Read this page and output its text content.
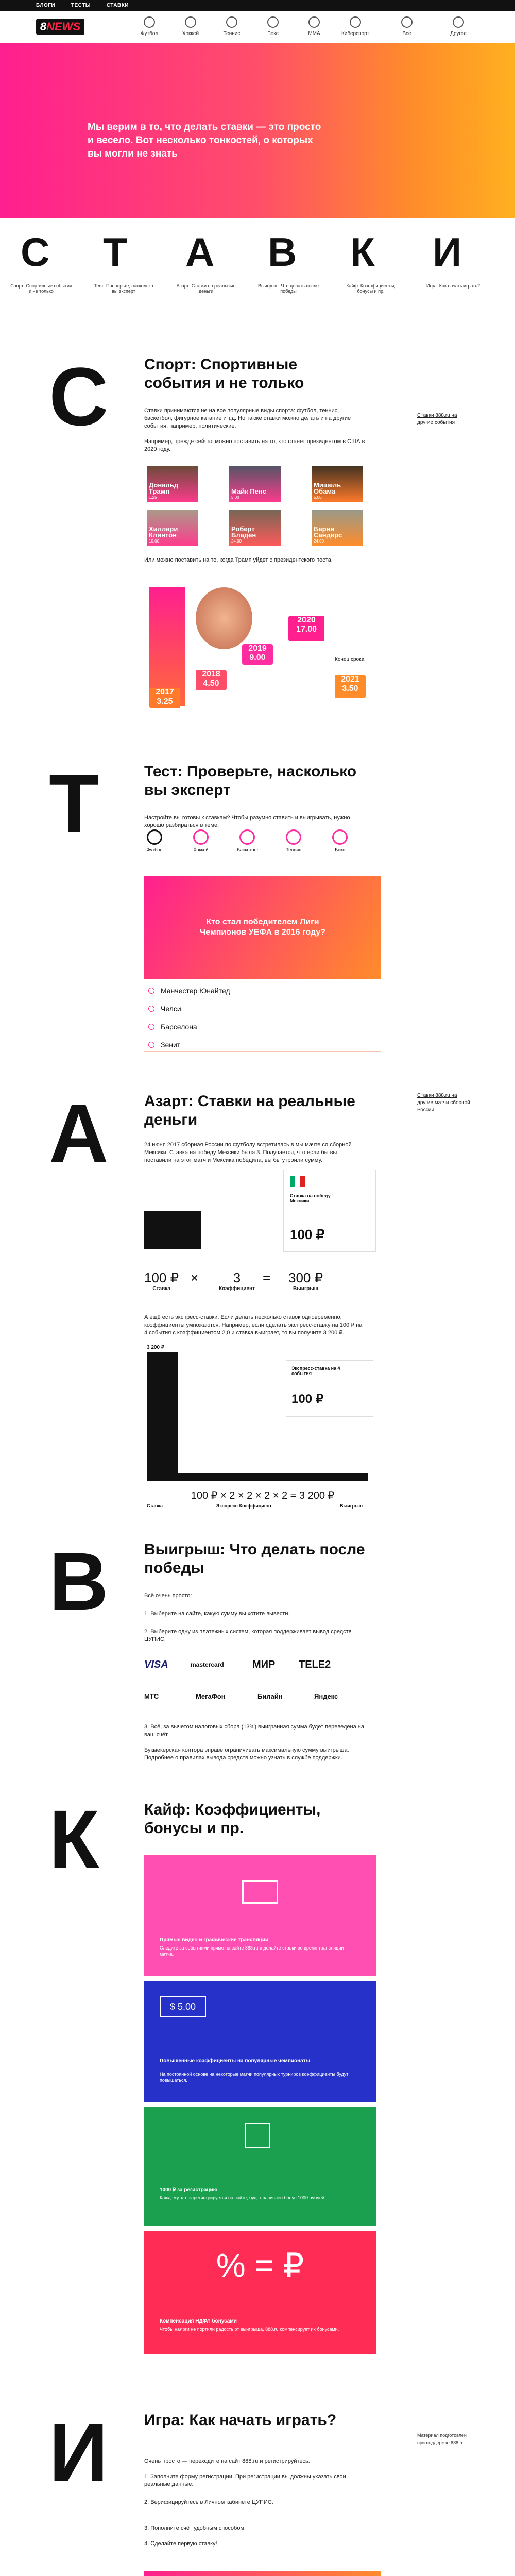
БЛОГИ	ТЕСТЫ	СТАВКИ
8NEWS
Футбол	Хоккей	Теннис	Бокс	MMA	Киберспорт	Все	Другое

Мы верим в то, что делать ставки — это просто и весело. Вот несколько тонкостей, о которых вы могли не знать

С Т А В К И
Спорт: Спортивные события и не только
Тест: Проверьте, насколько вы эксперт
Азарт: Ставки на реальные деньги
Выигрыш: Что делать после победы
Кайф: Коэффициенты, бонусы и пр.
Игра: Как начать играть?
С Спорт: Спортивные события и не только
Ставки принимаются не на все популярные виды спорта: футбол, теннис, баскетбол, фигурное катание и т.д. Но также ставки можно делать и на другие события, например, политические.
Например, прежде сейчас можно поставить на то, кто станет президентом в США в 2020 году.
Ставки 888.ru на другие события
Дональд Трамп
1,25
Майк Пенс
5,00
Мишель Обама
5,00
Хиллари Клинтон
10,00
Роберт Бладен
24,00
Берни Сандерс
24,00
Или можно поставить на то, когда Трамп уйдет с президентского поста.
2017
3.25
2018
4.50
2019
9.00
2020
17.00
2021
3.50
Конец срока
Т	Тест: Проверьте, насколько вы эксперт
Настройте вы готовы к ставкам? Чтобы разумно ставить и выигрывать, нужно хорошо разбираться в теме.
Футбол	Хоккей	Баскетбол	Теннис	Бокс
Кто стал победителем Лиги Чемпионов УЕФА в 2016 году?
Манчестер Юнайтед
Челси
Барселона
Зенит
А Азарт: Ставки на реальные деньги
24 июня 2017 сборная России по футболу встретилась в мы мачте со сборной Мексики. Ставка на победу Мексики была 3. Получается, что если бы вы поставили на этот матч и Мексика победила, вы бы утроили сумму.
Ставки 888.ru на другие матчи сборной России
Ставка на победу Мексики
100 ₽
100 ₽
Ставка
×	3
Коэффициент
= 300 ₽
Выигрыш
А ещё есть экспресс-ставки. Если делать несколько ставок одновременно, коэффициенты умножаются. Например, если сделать экспресс-ставку на 100 ₽ на 4 события с коэффициентом 2,0 и ставка выиграет, то вы получите 3 200 ₽.
3 200 ₽
Экспресс-ставка на 4 события
100 ₽
100 ₽ × 2 × 2 × 2 × 2 = 3 200 ₽
Ставка	Экспресс-Коэффициент	Выигрыш
В Выигрыш: Что делать после победы
Всё очень просто:
1. Выберите на сайте, какую сумму вы хотите вывести.
2. Выберите одну из платежных систем, которая поддерживает вывод средств ЦУПИС.
VISA	mastercard	МИР TELE2
МТС	МегаФон	Билайн	Яндекс
3. Всё, за вычетом налоговых сбора (13%) выигранная сумма будет переведена на ваш счёт.
Букмекерская контора вправе ограничивать максимальную сумму выигрыша. Подробнее о правилах вывода средств можно узнать в службе поддержки.
К	Кайф: Коэффициенты, бонусы и пр.
Прямые видео и графические трансляции

Следите за событиями прямо на сайте 888.ru и делайте ставки во время трансляции матча.

$ 5.00
Повышенные коэффициенты на популярные чемпионаты

На постоянной основе на некоторые матчи популярных турниров коэффициенты будут повышаться.

1000 ₽ за регистрацию

Каждому, кто зарегистрируется на сайте, будет начислен бонус 1000 рублей.

% = ₽
Компенсация НДФЛ бонусами

Чтобы налоги не портили радость от выигрыша, 888.ru компенсирует их бонусами.

И Игра: Как начать играть?
Очень просто — переходите на сайт 888.ru и регистрируйтесь.
1. Заполните форму регистрации. При регистрации вы должны указать свои реальные данные.
2. Верифицируйтесь в Личном кабинете ЦУПИС.
3. Пополните счёт удобным способом.
4. Сделайте первую ставку!
Материал подготовлен при поддержке 888.ru
